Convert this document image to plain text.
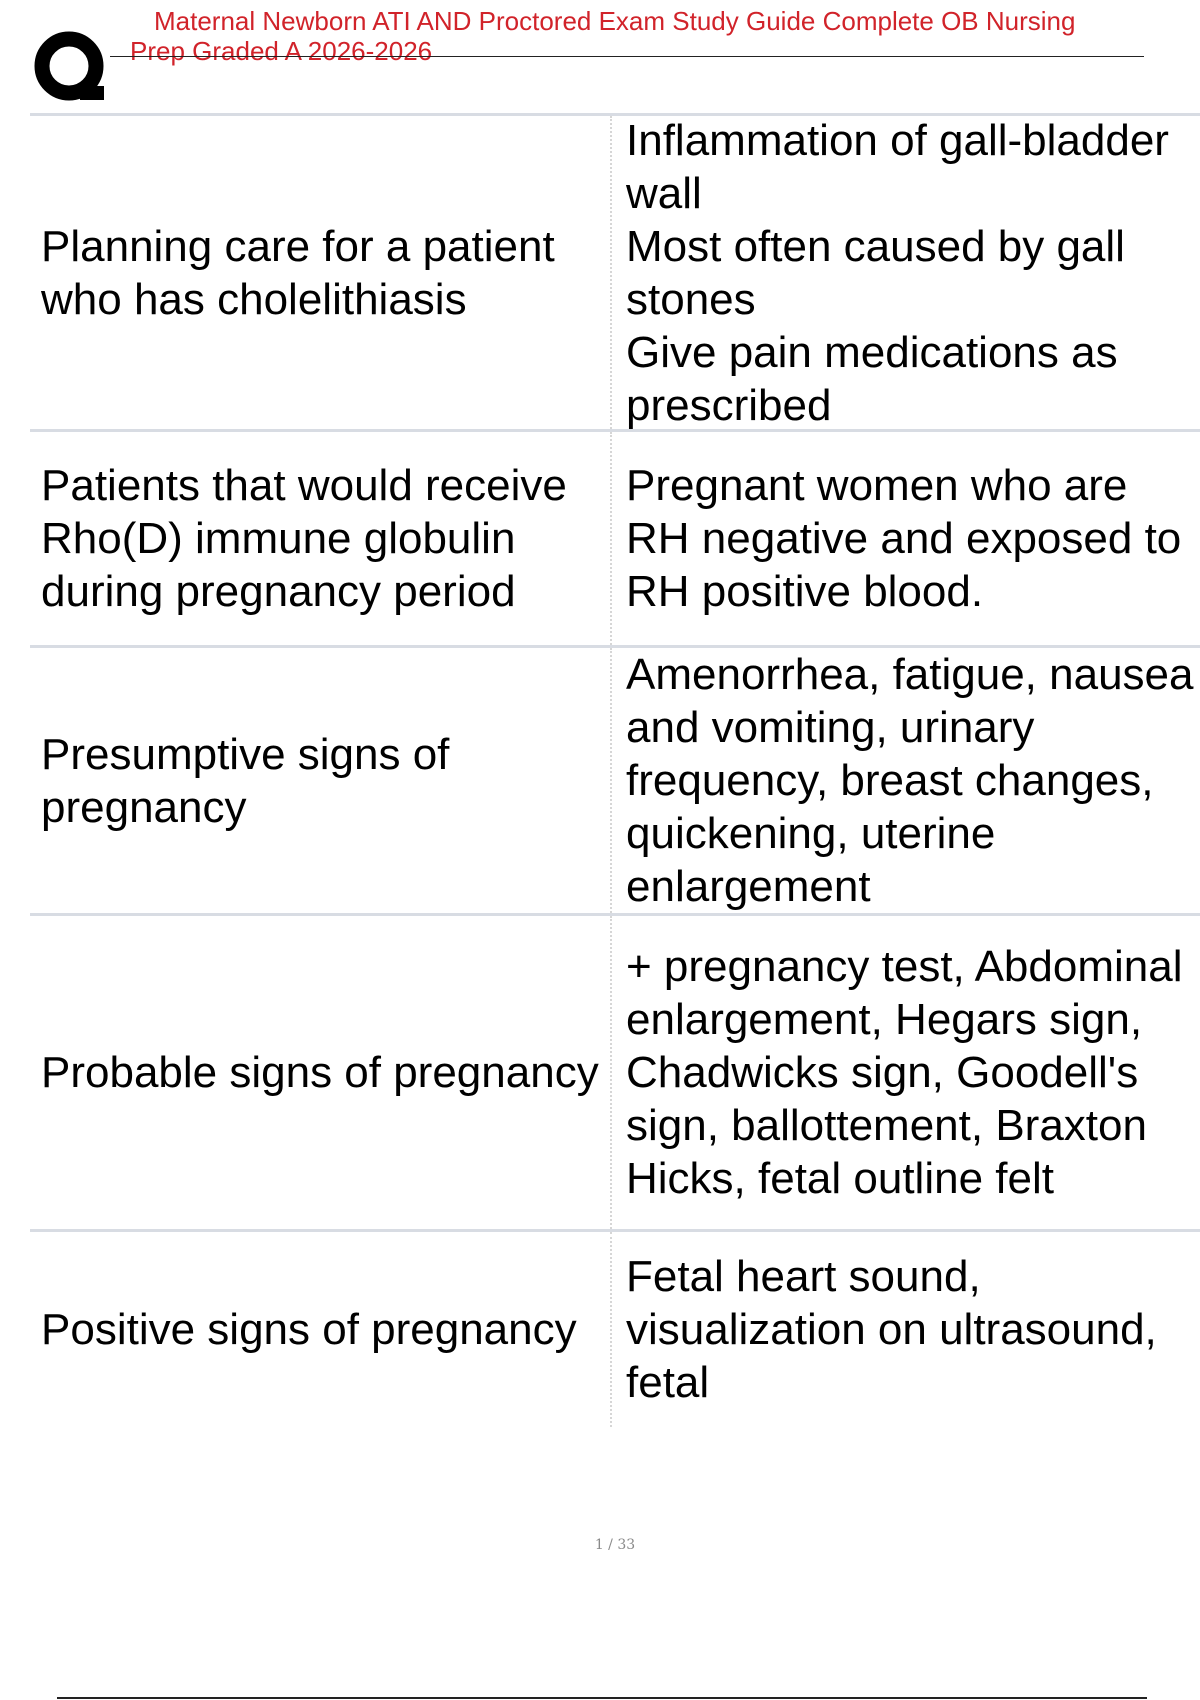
Maternal Newborn ATI AND Proctored Exam Study Guide Complete OB Nursing
Prep Graded A 2026-2026
Planning care for a patient who has cholelithiasis
Inflammation of gall-bladder wall
Most often caused by gall stones
Give pain medications as prescribed
Patients that would receive Rho(D) immune globulin during pregnancy period
Pregnant women who are RH negative and exposed to RH positive blood.
Presumptive signs of pregnancy
Amenorrhea, fatigue, nausea and vomiting, urinary frequency, breast changes, quickening, uterine enlargement
Probable signs of pregnancy
+ pregnancy test, Abdominal enlargement, Hegars sign, Chadwicks sign, Goodell's sign, ballottement, Braxton Hicks, fetal outline felt
Positive signs of pregnancy
Fetal heart sound, visualization on ultrasound, fetal
1 / 33
